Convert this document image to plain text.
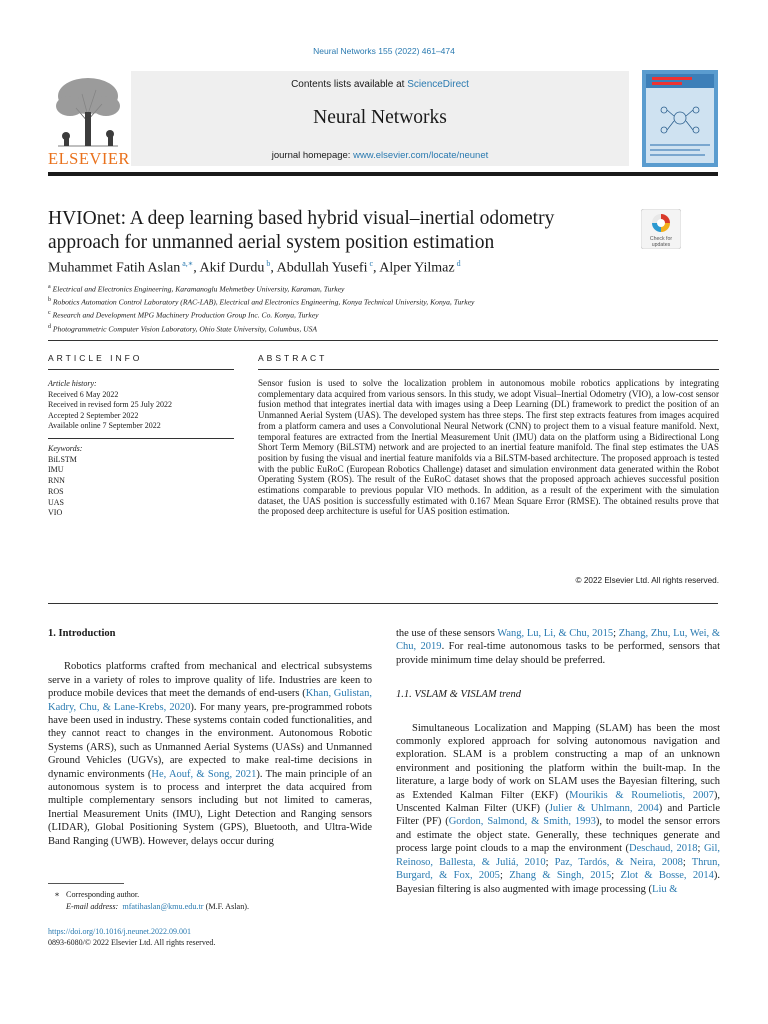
Neural Networks 155 (2022) 461–474
ELSEVIER
Contents lists available at ScienceDirect
Neural Networks
journal homepage: www.elsevier.com/locate/neunet
HVIOnet: A deep learning based hybrid visual–inertial odometry approach for unmanned aerial system position estimation	Check for
updates
Muhammet Fatih Aslan $^{a,∗}$, Akif Durdu $^b$, Abdullah Yusefi $^c$, Alper Yilmaz $^d$
$^a$ Electrical and Electronics Engineering, Karamanoglu Mehmetbey University, Karaman, Turkey
$^b$ Robotics Automation Control Laboratory (RAC-LAB), Electrical and Electronics Engineering, Konya Technical University, Konya, Turkey
$^c$ Research and Development MPG Machinery Production Group Inc. Co. Konya, Turkey
$^d$ Photogrammetric Computer Vision Laboratory, Ohio State University, Columbus, USA
ARTICLE INFO	ABSTRACT
Article history:
Received 6 May 2022
Received in revised form 25 July 2022
Accepted 2 September 2022
Available online 7 September 2022
Keywords:
BiLSTM
IMU
RNN
ROS
UAS
VIO
Sensor fusion is used to solve the localization problem in autonomous mobile robotics applications by integrating complementary data acquired from various sensors. In this study, we adopt Visual–Inertial Odometry (VIO), a low-cost sensor fusion method that integrates inertial data with images using a Deep Learning (DL) framework to predict the position of an Unmanned Aerial System (UAS). The developed system has three steps. The first step extracts features from images acquired from a platform camera and uses a Convolutional Neural Network (CNN) to project them to a visual feature manifold. Next, temporal features are extracted from the Inertial Measurement Unit (IMU) data on the platform using a Bidirectional Long Short Term Memory (BiLSTM) network and are projected to an inertial feature manifold. The final step estimates the UAS position by fusing the visual and inertial feature manifolds via a BiLSTM-based architecture. The proposed approach is tested with the public EuRoC (European Robotics Challenge) dataset and simulation environment data generated within the Robot Operating System (ROS). The result of the EuRoC dataset shows that the proposed approach achieves successful position estimations comparable to previous popular VIO methods. In addition, as a result of the experiment with the simulation dataset, the UAS position is successfully estimated with 0.167 Mean Square Error (RMSE). The obtained results prove that the proposed deep architecture is useful for UAS position estimation.
© 2022 Elsevier Ltd. All rights reserved.

1. Introduction

Robotics platforms crafted from mechanical and electrical subsystems serve in a variety of roles to improve quality of life. Industries are keen to produce mobile devices that meet the demands of end-users (Khan, Gulistan, Kadry, Chu, & Lane-Krebs, 2020). For many years, pre-programmed robots have been used in industry. These systems contain coded functionalities, and they cannot react to changes in the environment. Autonomous Robotic Systems (ARS), such as Unmanned Aerial Systems (UASs) and Unmanned Ground Vehicles (UGVs), are expected to make real-time decisions in dynamic environments (He, Aouf, & Song, 2021). The main principle of an autonomous system is to process and interpret the data acquired from multiple complementary sensors including but not limited to cameras, Inertial Measurement Units (IMU), Light Detection and Ranging sensors (LIDAR), Global Positioning System (GPS), Bluetooth, and Ultra-Wide Band Ranging (UWB). However, delays occur during

the use of these sensors Wang, Lu, Li, & Chu, 2015; Zhang, Zhu, Lu, Wei, & Chu, 2019. For real-time autonomous tasks to be performed, sensors that provide minimum time delay should be preferred.

1.1. VSLAM & VISLAM trend

Simultaneous Localization and Mapping (SLAM) has been the most commonly explored approach for solving autonomous navigation and exploration. SLAM is a problem constructing a map of an unknown environment and positioning the platform within the built-map. In the literature, a large body of work on SLAM uses the Bayesian filtering, such as Extended Kalman Filter (EKF) (Mourikis & Roumeliotis, 2007), Unscented Kalman Filter (UKF) (Julier & Uhlmann, 2004) and Particle Filter (PF) (Gordon, Salmond, & Smith, 1993), to model the sensor errors and estimate the object state. Generally, these techniques generate and process large point clouds to a map the environment (Deschaud, 2018; Gil, Reinoso, Ballesta, & Juliá, 2010; Paz, Tardós, & Neira, 2008; Thrun, Burgard, & Fox, 2005; Zhang & Singh, 2015; Zlot & Bosse, 2014). Bayesian filtering is also augmented with image processing (Liu &

∗ Corresponding author.
E-mail address: mfatihaslan@kmu.edu.tr (M.F. Aslan).
https://doi.org/10.1016/j.neunet.2022.09.001
0893-6080/© 2022 Elsevier Ltd. All rights reserved.
